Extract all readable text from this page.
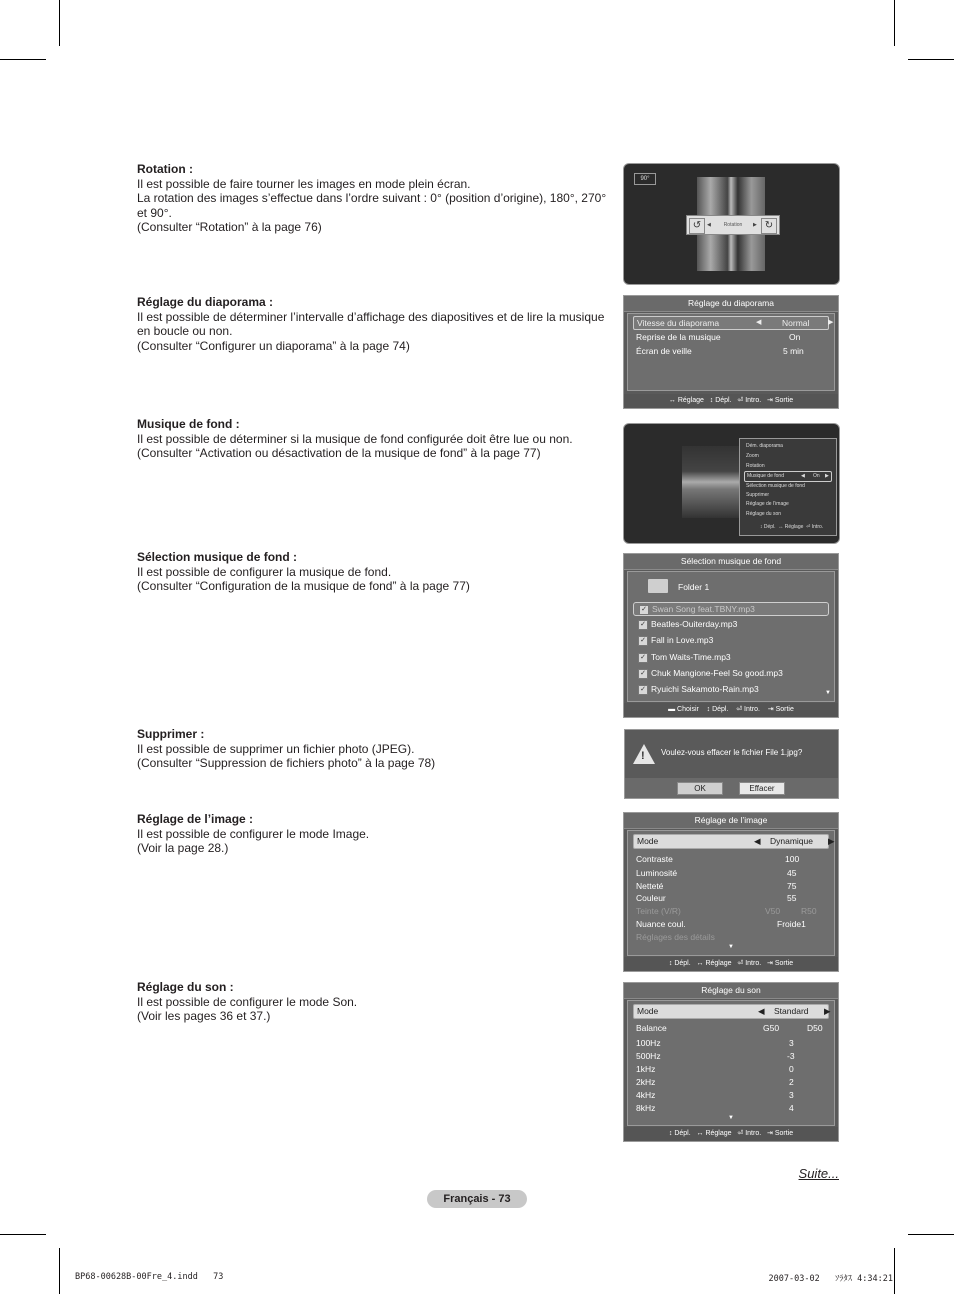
Rotation :
Il est possible de faire tourner les images en mode plein écran.
La rotation des images s’effectue dans l’ordre suivant : 0° (position d’origine), 180°, 270°
et 90°.
(Consulter “Rotation” à la page 76)
Réglage du diaporama :
Il est possible de déterminer l’intervalle d’affichage des diapositives et de lire la musique
en boucle ou non.
(Consulter “Configurer un diaporama” à la page 74)
Musique de fond :
Il est possible de déterminer si la musique de fond configurée doit être lue ou non.
(Consulter “Activation ou désactivation de la musique de fond” à la page 77)
Sélection musique de fond :
Il est possible de configurer la musique de fond.
(Consulter “Configuration de la musique de fond” à la page 77)
Supprimer :
Il est possible de supprimer un fichier photo (JPEG).
(Consulter “Suppression de fichiers photo” à la page 78)
Réglage de l’image :
Il est possible de configurer le mode Image.
(Voir la page 28.)
Réglage du son :
Il est possible de configurer le mode Son.
(Voir les pages 36 et 37.)
90°
↺	Rotation
◀	▶ ↻
Réglage du diaporama
Vitesse du diaporama	◀ Normal	▶
Reprise de la musique	On
Écran de veille	5 min
↔ Réglage ↕ Dépl. ⏎ Intro. ⇥ Sortie
Dém. diaporama
Zoom
Rotation
Musique de fond	◀ On ▶
Sélection musique de fond
Supprimer
Réglage de l’image
Réglage du son
↕ Dépl. ↔ Réglage ⏎ Intro.
Sélection musique de fond
Folder 1
✓ Swan Song feat.TBNY.mp3
✓ Beatles-Ouiterday.mp3
✓ Fall in Love.mp3
✓ Tom Waits-Time.mp3
✓ Chuk Mangione-Feel So good.mp3
✓ Ryuichi Sakamoto-Rain.mp3	▼
▬ Choisir ↕ Dépl. ⏎ Intro. ⇥ Sortie
! Voulez-vous effacer le fichier File 1.jpg?
OK	Effacer
Réglage de l’image
Mode	◀ Dynamique ▶
Contraste	100
Luminosité	45
Netteté	75
Couleur	55
Teinte (V/R)	V50 R50
Nuance coul.	Froide1
Réglages des détails
▼
↕ Dépl. ↔ Réglage ⏎ Intro. ⇥ Sortie
Réglage du son
Mode	◀ Standard ▶
Balance	G50	D50
100Hz	3
500Hz	-3
1kHz	0
2kHz	2
4kHz	3
8kHz	4
▼
↕ Dépl. ↔ Réglage ⏎ Intro. ⇥ Sortie
Suite...
Français - 73
BP68-00628B-00Fre_4.indd   73	2007-03-02   ｿﾗﾀｽ 4:34:21
